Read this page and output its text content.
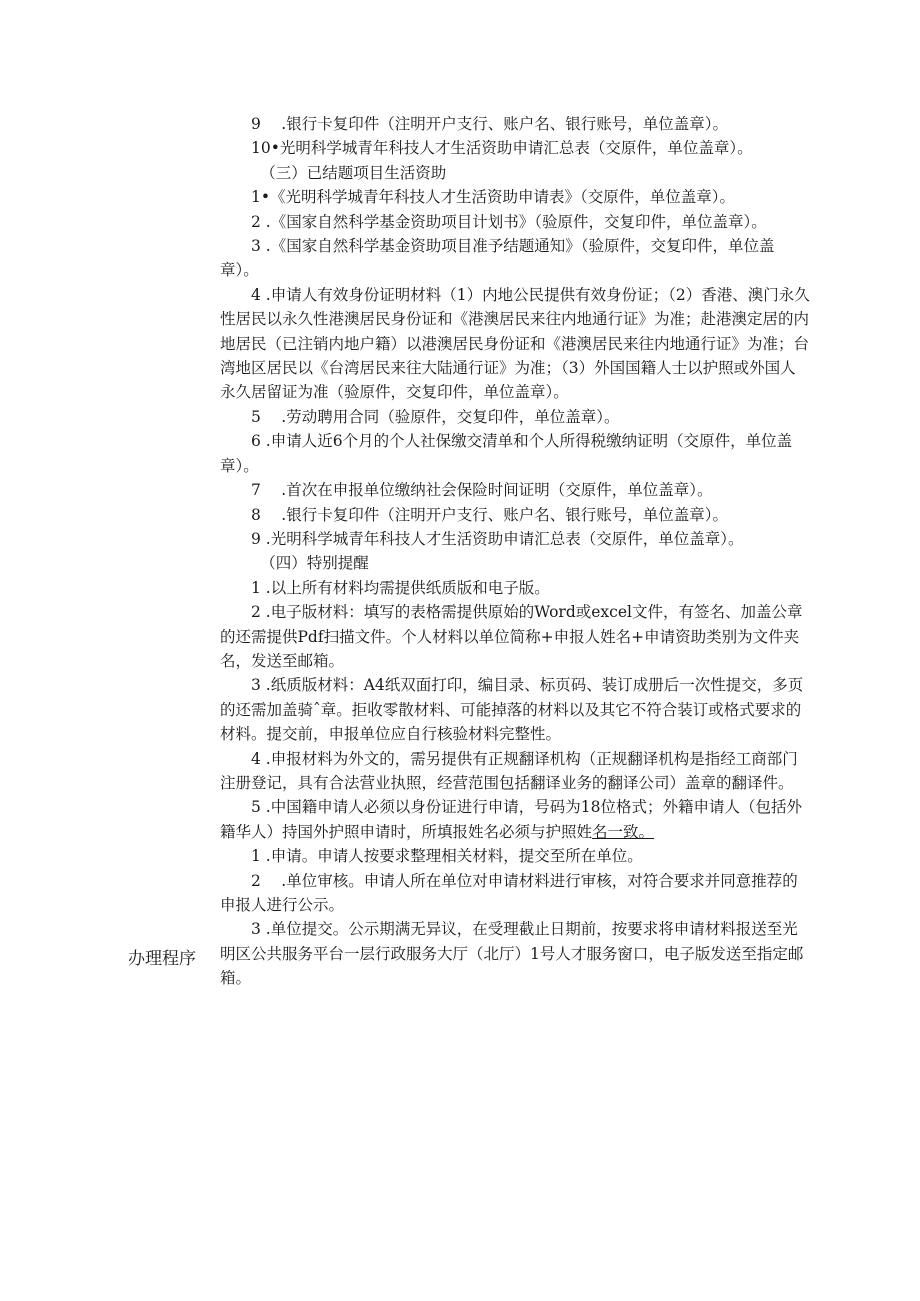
9　 .银行卡复印件（注明开户支行、账户名、银行账号，单位盖章）。

10•光明科学城青年科技人才生活资助申请汇总表（交原件，单位盖章）。

（三）已结题项目生活资助

1•《光明科学城青年科技人才生活资助申请表》（交原件，单位盖章）。

2 .《国家自然科学基金资助项目计划书》（验原件，交复印件，单位盖章）。

3 .《国家自然科学基金资助项目准予结题通知》（验原件，交复印件，单位盖章）。

4 .申请人有效身份证明材料（1）内地公民提供有效身份证；（2）香港、澳门永久性居民以永久性港澳居民身份证和《港澳居民来往内地通行证》为准；赴港澳定居的内地居民（已注销内地户籍）以港澳居民身份证和《港澳居民来往内地通行证》为准；台湾地区居民以《台湾居民来往大陆通行证》为准；（3）外国国籍人士以护照或外国人永久居留证为准（验原件，交复印件，单位盖章）。

5　 .劳动聘用合同（验原件，交复印件，单位盖章）。

6 .申请人近6个月的个人社保缴交清单和个人所得税缴纳证明（交原件，单位盖章）。

7　 .首次在申报单位缴纳社会保险时间证明（交原件，单位盖章）。

8　 .银行卡复印件（注明开户支行、账户名、银行账号，单位盖章）。

9 .光明科学城青年科技人才生活资助申请汇总表（交原件，单位盖章）。

（四）特别提醒

1 .以上所有材料均需提供纸质版和电子版。

2 .电子版材料：填写的表格需提供原始的Word或excel文件，有签名、加盖公章的还需提供Pdf扫描文件。个人材料以单位简称+申报人姓名+申请资助类别为文件夹名，发送至邮箱。

3 .纸质版材料：A4纸双面打印，编目录、标页码、装订成册后一次性提交，多页的还需加盖骑ˆ章。拒收零散材料、可能掉落的材料以及其它不符合装订或格式要求的材料。提交前，申报单位应自行核验材料完整性。

4 .申报材料为外文的，需另提供有正规翻译机构（正规翻译机构是指经工商部门注册登记，具有合法营业执照，经营范围包括翻译业务的翻译公司）盖章的翻译件。

5 .中国籍申请人必须以身份证进行申请，号码为18位格式；外籍申请人（包括外籍华人）持国外护照申请时，所填报姓名必须与护照姓名一致。

1 .申请。申请人按要求整理相关材料，提交至所在单位。

2　 .单位审核。申请人所在单位对申请材料进行审核，对符合要求并同意推荐的申报人进行公示。

3 .单位提交。公示期满无异议，在受理截止日期前，按要求将申请材料报送至光明区公共服务平台一层行政服务大厅（北厅）1号人才服务窗口，电子版发送至指定邮箱。

办理程序
